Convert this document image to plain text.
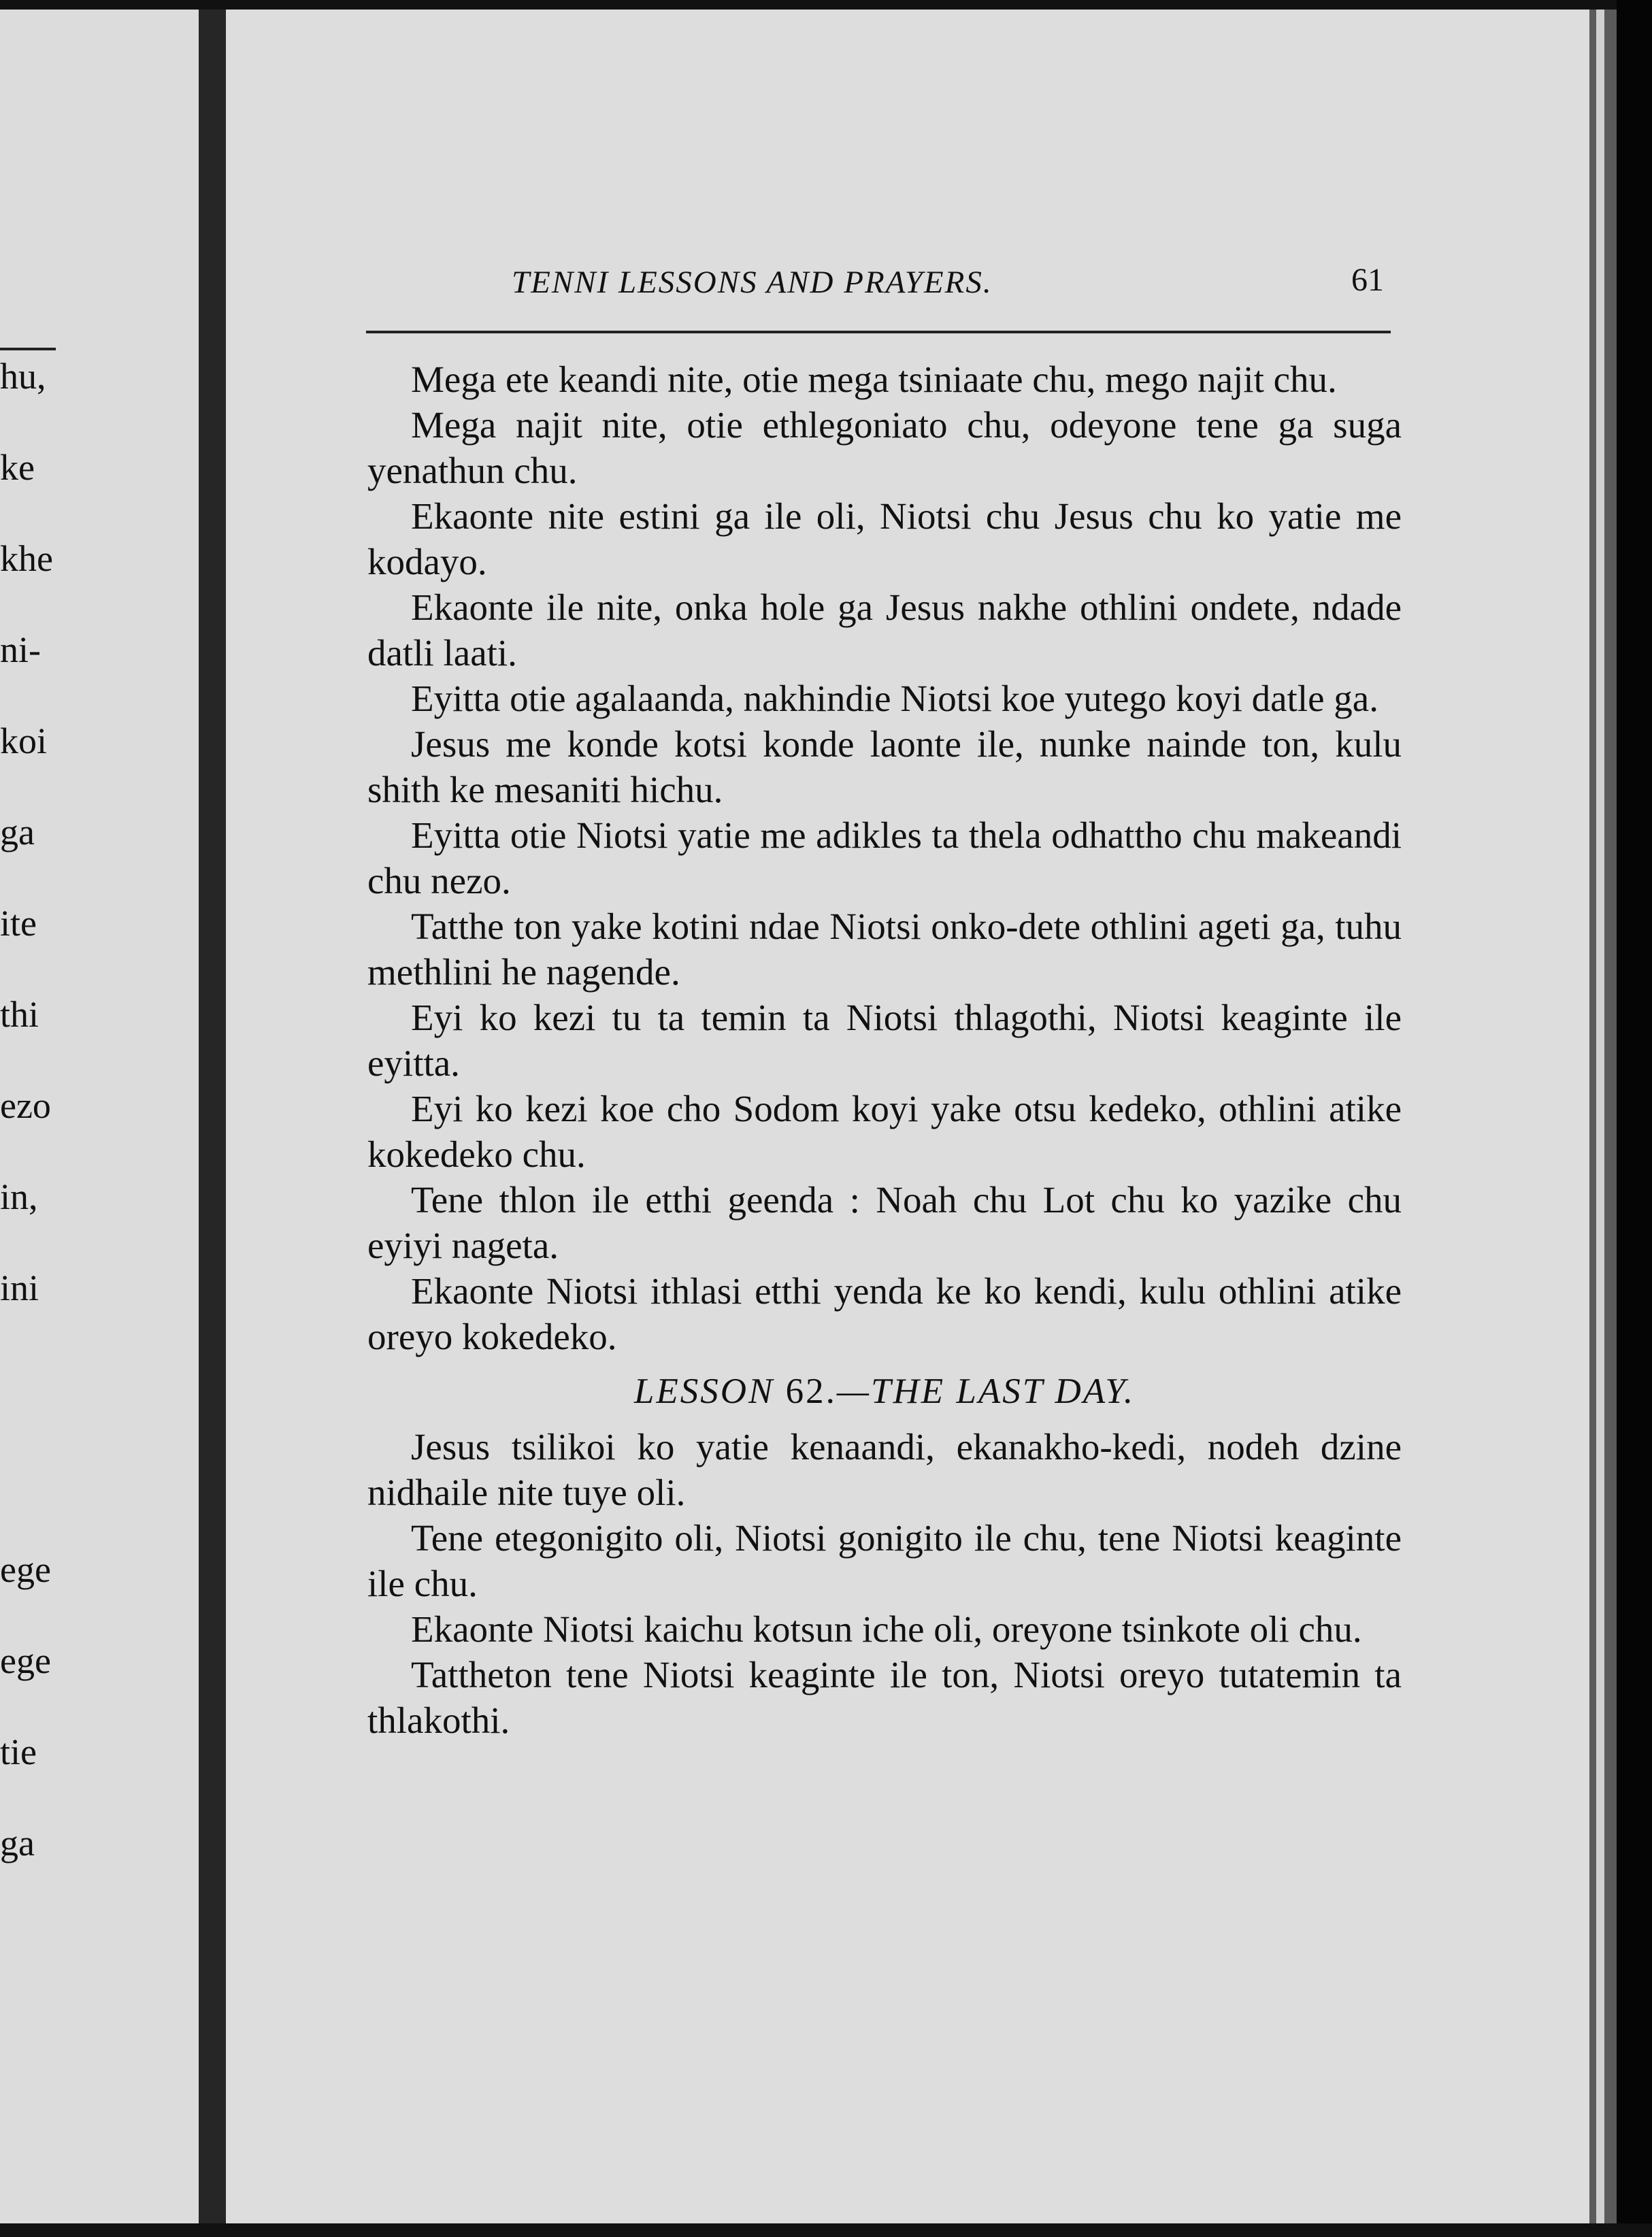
hu,
ke
khe
ni-
koi
ga
ite
thi
ezo
in,
ini
ege
ege
tie
ga
TENNI LESSONS AND PRAYERS.	61

Mega ete keandi nite, otie mega tsiniaate chu, mego najit chu.

Mega najit nite, otie ethlegoniato chu, odeyone tene ga suga yenathun chu.

Ekaonte nite estini ga ile oli, Niotsi chu Jesus chu ko yatie me kodayo.

Ekaonte ile nite, onka hole ga Jesus nakhe othlini ondete, ndade datli laati.

Eyitta otie agalaanda, nakhindie Niotsi koe yutego koyi datle ga.

Jesus me konde kotsi konde laonte ile, nunke nainde ton, kulu shith ke mesaniti hichu.

Eyitta otie Niotsi yatie me adikles ta thela odhattho chu makeandi chu nezo.

Tatthe ton yake kotini ndae Niotsi onko-dete othlini ageti ga, tuhu methlini he nagende.

Eyi ko kezi tu ta temin ta Niotsi thlagothi, Niotsi keaginte ile eyitta.

Eyi ko kezi koe cho Sodom koyi yake otsu kedeko, othlini atike kokedeko chu.

Tene thlon ile etthi geenda : Noah chu Lot chu ko yazike chu eyiyi nageta.

Ekaonte Niotsi ithlasi etthi yenda ke ko kendi, kulu othlini atike oreyo kokedeko.

LESSON 62.—THE LAST DAY.

Jesus tsilikoi ko yatie kenaandi, ekanakho-kedi, nodeh dzine nidhaile nite tuye oli.

Tene etegonigito oli, Niotsi gonigito ile chu, tene Niotsi keaginte ile chu.

Ekaonte Niotsi kaichu kotsun iche oli, oreyone tsinkote oli chu.

Tattheton tene Niotsi keaginte ile ton, Niotsi oreyo tutatemin ta thlakothi.
